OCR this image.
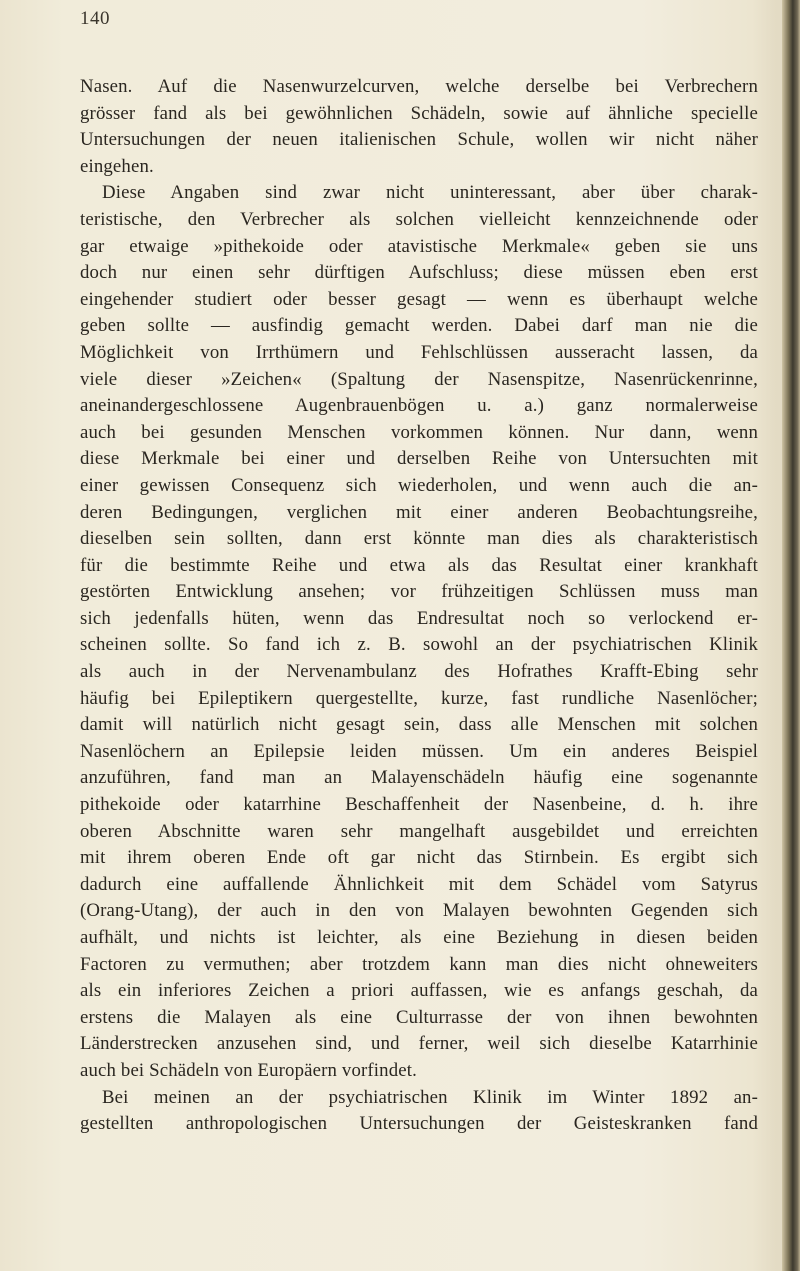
140
Nasen. Auf die Nasenwurzelcurven, welche derselbe bei Verbrechern
grösser fand als bei gewöhnlichen Schädeln, sowie auf ähnliche specielle
Untersuchungen der neuen italienischen Schule, wollen wir nicht näher
eingehen.
Diese Angaben sind zwar nicht uninteressant, aber über charak-
teristische, den Verbrecher als solchen vielleicht kennzeichnende oder
gar etwaige »pithekoide oder atavistische Merkmale« geben sie uns
doch nur einen sehr dürftigen Aufschluss; diese müssen eben erst
eingehender studiert oder besser gesagt — wenn es überhaupt welche
geben sollte — ausfindig gemacht werden. Dabei darf man nie die
Möglichkeit von Irrthümern und Fehlschlüssen ausseracht lassen, da
viele dieser »Zeichen« (Spaltung der Nasenspitze, Nasenrückenrinne,
aneinandergeschlossene Augenbrauenbögen u. a.) ganz normalerweise
auch bei gesunden Menschen vorkommen können. Nur dann, wenn
diese Merkmale bei einer und derselben Reihe von Untersuchten mit
einer gewissen Consequenz sich wiederholen, und wenn auch die an-
deren Bedingungen, verglichen mit einer anderen Beobachtungsreihe,
dieselben sein sollten, dann erst könnte man dies als charakteristisch
für die bestimmte Reihe und etwa als das Resultat einer krankhaft
gestörten Entwicklung ansehen; vor frühzeitigen Schlüssen muss man
sich jedenfalls hüten, wenn das Endresultat noch so verlockend er-
scheinen sollte. So fand ich z. B. sowohl an der psychiatrischen Klinik
als auch in der Nervenambulanz des Hofrathes Krafft-Ebing sehr
häufig bei Epileptikern quergestellte, kurze, fast rundliche Nasenlöcher;
damit will natürlich nicht gesagt sein, dass alle Menschen mit solchen
Nasenlöchern an Epilepsie leiden müssen. Um ein anderes Beispiel
anzuführen, fand man an Malayenschädeln häufig eine sogenannte
pithekoide oder katarrhine Beschaffenheit der Nasenbeine, d. h. ihre
oberen Abschnitte waren sehr mangelhaft ausgebildet und erreichten
mit ihrem oberen Ende oft gar nicht das Stirnbein. Es ergibt sich
dadurch eine auffallende Ähnlichkeit mit dem Schädel vom Satyrus
(Orang-Utang), der auch in den von Malayen bewohnten Gegenden sich
aufhält, und nichts ist leichter, als eine Beziehung in diesen beiden
Factoren zu vermuthen; aber trotzdem kann man dies nicht ohneweiters
als ein inferiores Zeichen a priori auffassen, wie es anfangs geschah, da
erstens die Malayen als eine Culturrasse der von ihnen bewohnten
Länderstrecken anzusehen sind, und ferner, weil sich dieselbe Katarrhinie
auch bei Schädeln von Europäern vorfindet.
Bei meinen an der psychiatrischen Klinik im Winter 1892 an-
gestellten anthropologischen Untersuchungen der Geisteskranken fand
